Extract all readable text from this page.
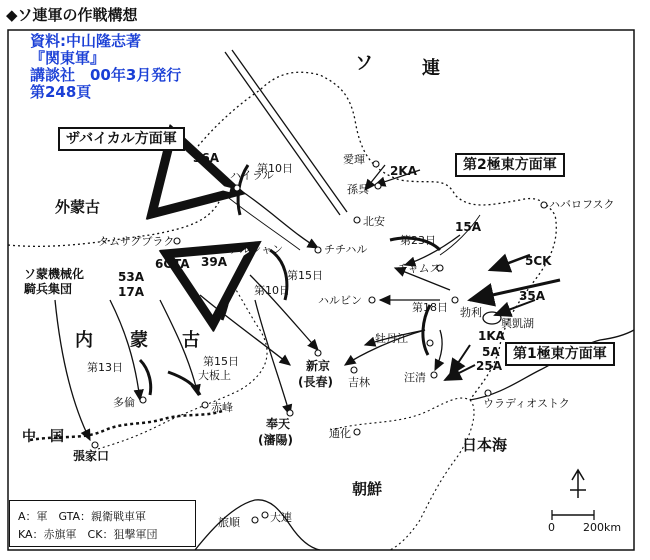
◆ソ連軍の作戦構想
資料:中山隆志著
『関東軍』
講談社　00年3月発行
第248頁
ソ	連
外蒙古
内 蒙 古
中　国
朝鮮
日本海
ザバイカル方面軍
第2極東方面軍
第1極東方面軍
ソ蒙機械化
騎兵集団
36A
39A
6GTA
53A
17A
2KA
15A
5CK
35A
1KA
5A
25A
第10日
第15日
第10日
第13日	第15日
第23日
第18日
ハイラル
愛琿
孫呉
北安
ハバロフスク
タムサグブラク
アルシャン	チチハル
チャムス
ハルビン
勃利
興凱湖
牡丹江
新京
(長春) 吉林	汪清
ウラディオストク
多倫
大板上
赤峰
奉天
(瀋陽)	通化
張家口
旅順	大連
A：軍　GTA：親衛戦車軍
KA：赤旗軍　CK：狙撃軍団
0	200km
